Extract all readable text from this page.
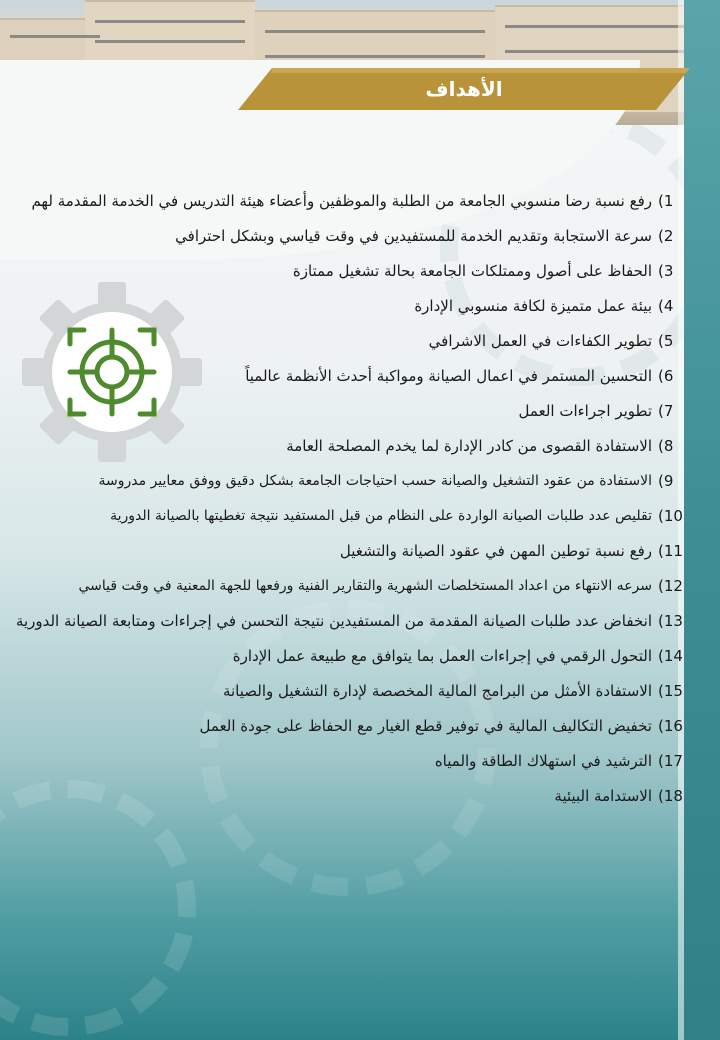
الأهداف
(1
رفع نسبة رضا منسوبي الجامعة من الطلبة والموظفين وأعضاء هيئة التدريس في الخدمة المقدمة لهم
(2
سرعة الاستجابة وتقديم الخدمة للمستفيدين في وقت قياسي وبشكل احترافي
(3
الحفاظ على أصول وممتلكات الجامعة بحالة تشغيل ممتازة
(4
بيئة عمل متميزة لكافة منسوبي الإدارة
(5
تطوير الكفاءات في العمل الاشرافي
(6
التحسين المستمر في اعمال الصيانة ومواكبة أحدث الأنظمة عالمياً
(7
تطوير اجراءات العمل
(8
الاستفادة القصوى من كادر الإدارة لما يخدم المصلحة العامة
(9
الاستفادة من عقود التشغيل والصيانة حسب احتياجات الجامعة بشكل دقيق ووفق معايير مدروسة
(10
تقليص عدد طلبات الصيانة الواردة على النظام من قبل المستفيد نتيجة تغطيتها بالصيانة الدورية
(11
رفع نسبة توطين المهن في عقود الصيانة والتشغيل
(12
سرعه الانتهاء من اعداد المستخلصات الشهرية والتقارير الفنية ورفعها للجهة المعنية في وقت قياسي
(13
انخفاض عدد طلبات الصيانة المقدمة من المستفيدين نتيجة التحسن في إجراءات ومتابعة الصيانة الدورية
(14
التحول الرقمي في إجراءات العمل بما يتوافق مع طبيعة عمل الإدارة
(15
الاستفادة الأمثل من البرامج المالية المخصصة لإدارة التشغيل والصيانة
(16
تخفيض التكاليف المالية في توفير قطع الغيار مع الحفاظ على جودة العمل
(17
الترشيد في استهلاك الطاقة والمياه
(18
الاستدامة البيئية
